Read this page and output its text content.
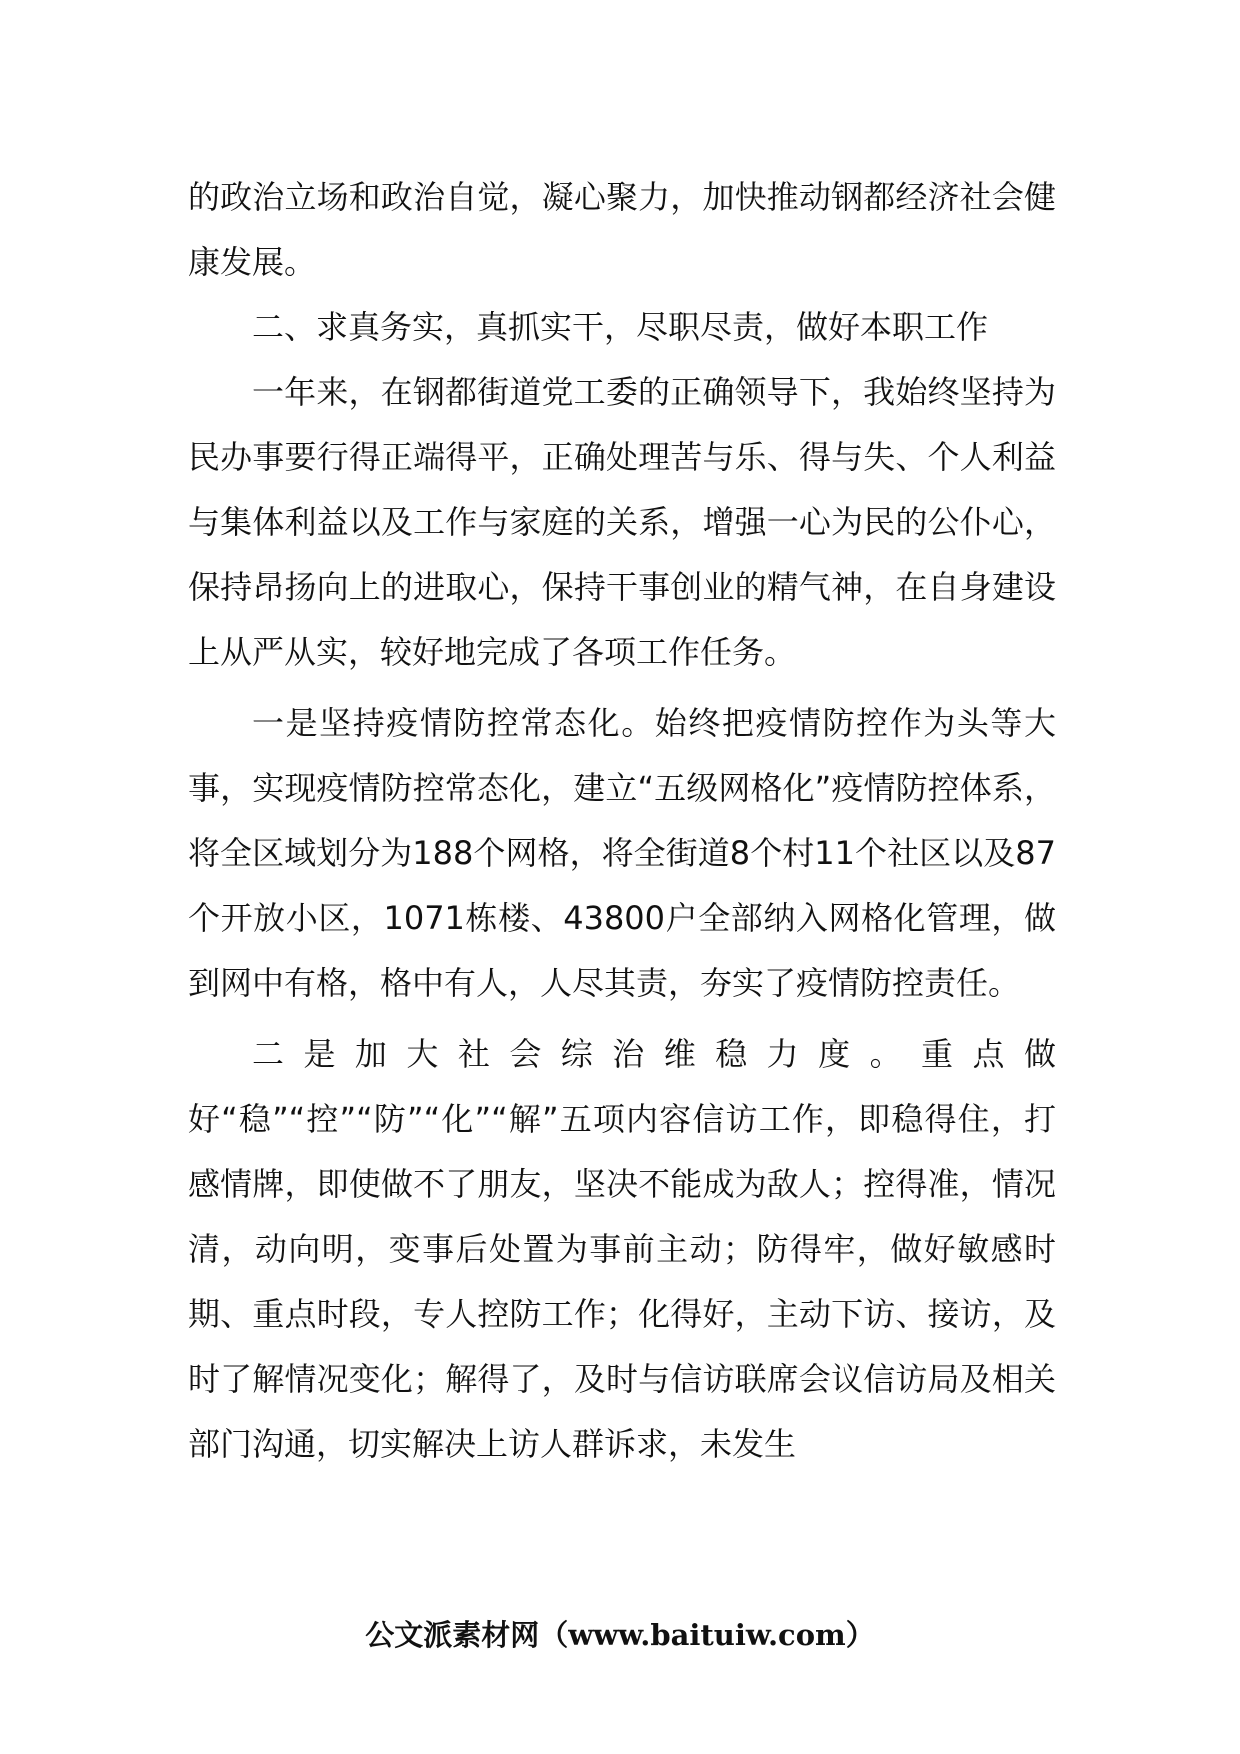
的政治立场和政治自觉，凝心聚力，加快推动钢都经济社会健康发展。

二、求真务实，真抓实干，尽职尽责，做好本职工作

一年来，在钢都街道党工委的正确领导下，我始终坚持为民办事要行得正端得平，正确处理苦与乐、得与失、个人利益与集体利益以及工作与家庭的关系，增强一心为民的公仆心，保持昂扬向上的进取心，保持干事创业的精气神，在自身建设上从严从实，较好地完成了各项工作任务。

一是坚持疫情防控常态化。始终把疫情防控作为头等大事，实现疫情防控常态化，建立“五级网格化”疫情防控体系，将全区域划分为188个网格，将全街道8个村11个社区以及87个开放小区，1071栋楼、43800户全部纳入网格化管理，做到网中有格，格中有人，人尽其责，夯实了疫情防控责任。

二是加大社会综治维稳力度。重点做好“稳”“控”“防”“化”“解”五项内容信访工作，即稳得住，打感情牌，即使做不了朋友，坚决不能成为敌人；控得准，情况清，动向明，变事后处置为事前主动；防得牢，做好敏感时期、重点时段，专人控防工作；化得好，主动下访、接访，及时了解情况变化；解得了，及时与信访联席会议信访局及相关部门沟通，切实解决上访人群诉求，未发生

公文派素材网（www.baituiw.com）
